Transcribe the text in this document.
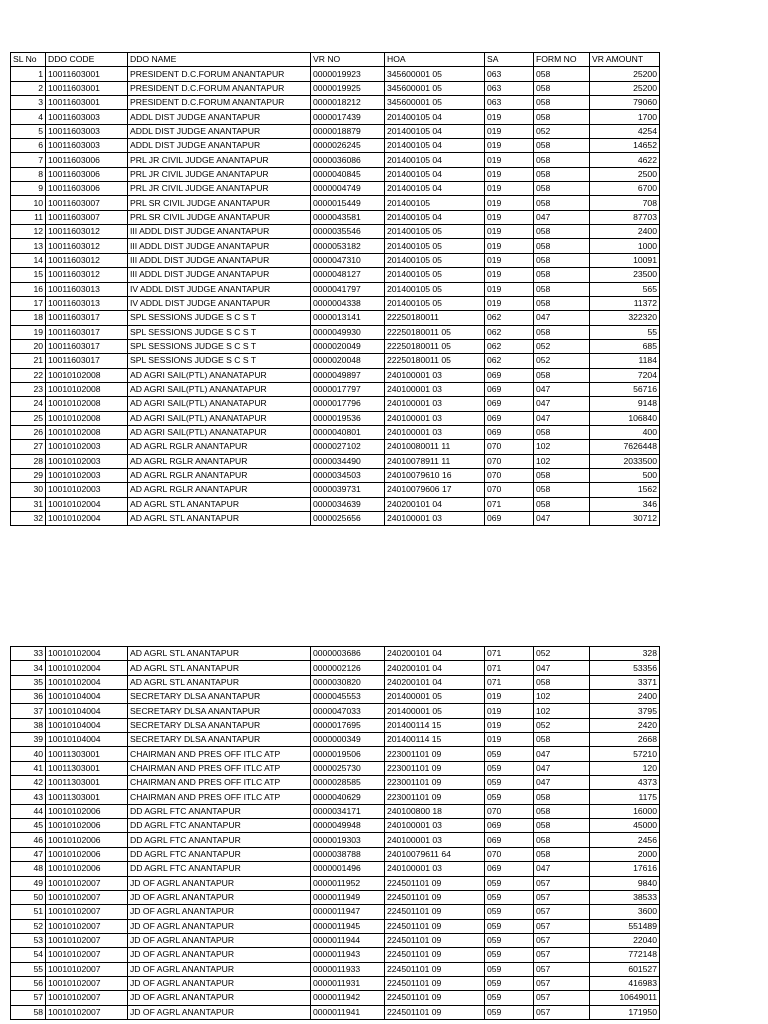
SL No	DDO CODE	DDO NAME	VR NO	HOA	SA	FORM NO	VR AMOUNT
1	10011603001	PRESIDENT D.C.FORUM ANANTAPUR	0000019923	345600001 05	063	058	25200
2	10011603001	PRESIDENT D.C.FORUM ANANTAPUR	0000019925	345600001 05	063	058	25200
3	10011603001	PRESIDENT D.C.FORUM ANANTAPUR	0000018212	345600001 05	063	058	79060
4	10011603003	ADDL DIST JUDGE ANANTAPUR	0000017439	201400105 04	019	058	1700
5	10011603003	ADDL DIST JUDGE ANANTAPUR	0000018879	201400105 04	019	052	4254
6	10011603003	ADDL DIST JUDGE ANANTAPUR	0000026245	201400105 04	019	058	14652
7	10011603006	PRL JR CIVIL JUDGE ANANTAPUR	0000036086	201400105 04	019	058	4622
8	10011603006	PRL JR CIVIL JUDGE ANANTAPUR	0000040845	201400105 04	019	058	2500
9	10011603006	PRL JR CIVIL JUDGE ANANTAPUR	0000004749	201400105 04	019	058	6700
10	10011603007	PRL SR CIVIL JUDGE ANANTAPUR	0000015449	201400105	019	058	708
11	10011603007	PRL SR CIVIL JUDGE ANANTAPUR	0000043581	201400105 04	019	047	87703
12	10011603012	III ADDL DIST JUDGE ANANTAPUR	0000035546	201400105 05	019	058	2400
13	10011603012	III ADDL DIST JUDGE ANANTAPUR	0000053182	201400105 05	019	058	1000
14	10011603012	III ADDL DIST JUDGE ANANTAPUR	0000047310	201400105 05	019	058	10091
15	10011603012	III ADDL DIST JUDGE ANANTAPUR	0000048127	201400105 05	019	058	23500
16	10011603013	IV ADDL DIST JUDGE ANANTAPUR	0000041797	201400105 05	019	058	565
17	10011603013	IV ADDL DIST JUDGE ANANTAPUR	0000004338	201400105 05	019	058	11372
18	10011603017	SPL SESSIONS JUDGE S C S T	0000013141	22250180011	062	047	322320
19	10011603017	SPL SESSIONS JUDGE S C S T	0000049930	22250180011 05	062	058	55
20	10011603017	SPL SESSIONS JUDGE S C S T	0000020049	22250180011 05	062	052	685
21	10011603017	SPL SESSIONS JUDGE S C S T	0000020048	22250180011 05	062	052	1184
22	10010102008	AD AGRI SAIL(PTL) ANANATAPUR	0000049897	240100001 03	069	058	7204
23	10010102008	AD AGRI SAIL(PTL) ANANATAPUR	0000017797	240100001 03	069	047	56716
24	10010102008	AD AGRI SAIL(PTL) ANANATAPUR	0000017796	240100001 03	069	047	9148
25	10010102008	AD AGRI SAIL(PTL) ANANATAPUR	0000019536	240100001 03	069	047	106840
26	10010102008	AD AGRI SAIL(PTL) ANANATAPUR	0000040801	240100001 03	069	058	400
27	10010102003	AD AGRL RGLR ANANTAPUR	0000027102	24010080011 11	070	102	7626448
28	10010102003	AD AGRL RGLR ANANTAPUR	0000034490	24010078911 11	070	102	2033500
29	10010102003	AD AGRL RGLR ANANTAPUR	0000034503	24010079610 16	070	058	500
30	10010102003	AD AGRL RGLR ANANTAPUR	0000039731	24010079606 17	070	058	1562
31	10010102004	AD AGRL STL ANANTAPUR	0000034639	240200101 04	071	058	346
32	10010102004	AD AGRL STL ANANTAPUR	0000025656	240100001 03	069	047	30712
33	10010102004	AD AGRL STL ANANTAPUR	0000003686	240200101 04	071	052	328
34	10010102004	AD AGRL STL ANANTAPUR	0000002126	240200101 04	071	047	53356
35	10010102004	AD AGRL STL ANANTAPUR	0000030820	240200101 04	071	058	3371
36	10010104004	SECRETARY DLSA ANANTAPUR	0000045553	201400001 05	019	102	2400
37	10010104004	SECRETARY DLSA ANANTAPUR	0000047033	201400001 05	019	102	3795
38	10010104004	SECRETARY DLSA ANANTAPUR	0000017695	201400114 15	019	052	2420
39	10010104004	SECRETARY DLSA ANANTAPUR	0000000349	201400114 15	019	058	2668
40	10011303001	CHAIRMAN AND PRES OFF ITLC ATP	0000019506	223001101 09	059	047	57210
41	10011303001	CHAIRMAN AND PRES OFF ITLC ATP	0000025730	223001101 09	059	047	120
42	10011303001	CHAIRMAN AND PRES OFF ITLC ATP	0000028585	223001101 09	059	047	4373
43	10011303001	CHAIRMAN AND PRES OFF ITLC ATP	0000040629	223001101 09	059	058	1175
44	10010102006	DD AGRL FTC ANANTAPUR	0000034171	240100800 18	070	058	16000
45	10010102006	DD AGRL FTC ANANTAPUR	0000049948	240100001 03	069	058	45000
46	10010102006	DD AGRL FTC ANANTAPUR	0000019303	240100001 03	069	058	2456
47	10010102006	DD AGRL FTC ANANTAPUR	0000038788	24010079611 64	070	058	2000
48	10010102006	DD AGRL FTC ANANTAPUR	0000001496	240100001 03	069	047	17616
49	10010102007	JD OF AGRL ANANTAPUR	0000011952	224501101 09	059	057	9840
50	10010102007	JD OF AGRL ANANTAPUR	0000011949	224501101 09	059	057	38533
51	10010102007	JD OF AGRL ANANTAPUR	0000011947	224501101 09	059	057	3600
52	10010102007	JD OF AGRL ANANTAPUR	0000011945	224501101 09	059	057	551489
53	10010102007	JD OF AGRL ANANTAPUR	0000011944	224501101 09	059	057	22040
54	10010102007	JD OF AGRL ANANTAPUR	0000011943	224501101 09	059	057	772148
55	10010102007	JD OF AGRL ANANTAPUR	0000011933	224501101 09	059	057	601527
56	10010102007	JD OF AGRL ANANTAPUR	0000011931	224501101 09	059	057	416983
57	10010102007	JD OF AGRL ANANTAPUR	0000011942	224501101 09	059	057	10649011
58	10010102007	JD OF AGRL ANANTAPUR	0000011941	224501101 09	059	057	171950
